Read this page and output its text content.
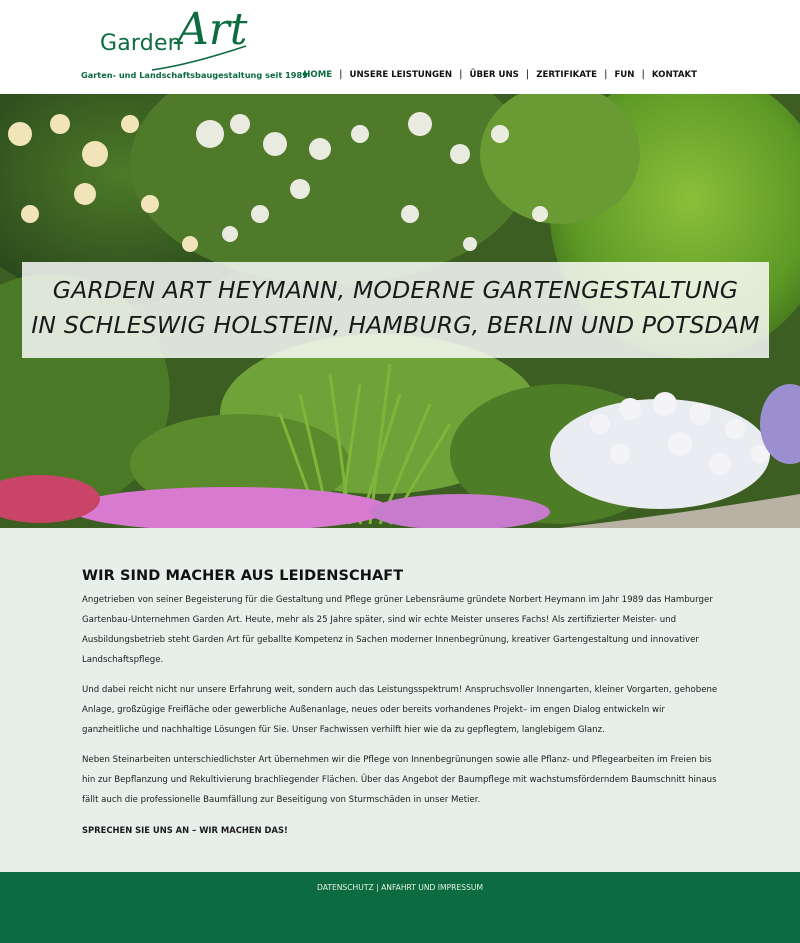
Garden
Art
Garten- und Landschaftsbaugestaltung seit 1989
HOME | UNSERE LEISTUNGEN | ÜBER UNS | ZERTIFIKATE | FUN | KONTAKT
GARDEN ART HEYMANN, MODERNE GARTENGESTALTUNG
IN SCHLESWIG HOLSTEIN, HAMBURG, BERLIN UND POTSDAM
WIR SIND MACHER AUS LEIDENSCHAFT

Angetrieben von seiner Begeisterung für die Gestaltung und Pflege grüner Lebensräume gründete Norbert Heymann im Jahr 1989 das Hamburger Gartenbau-Unternehmen Garden Art. Heute, mehr als 25 Jahre später, sind wir echte Meister unseres Fachs! Als zertifizierter Meister- und Ausbildungsbetrieb steht Garden Art für geballte Kompetenz in Sachen moderner Innenbegrünung, kreativer Gartengestaltung und innovativer Landschaftspflege.

Und dabei reicht nicht nur unsere Erfahrung weit, sondern auch das Leistungsspektrum! Anspruchsvoller Innengarten, kleiner Vorgarten, gehobene Anlage, großzügige Freifläche oder gewerbliche Außenanlage, neues oder bereits vorhandenes Projekt– im engen Dialog entwickeln wir ganzheitliche und nachhaltige Lösungen für Sie. Unser Fachwissen verhilft hier wie da zu gepflegtem, langlebigem Glanz.

Neben Steinarbeiten unterschiedlichster Art übernehmen wir die Pflege von Innenbegrünungen sowie alle Pflanz- und Pflegearbeiten im Freien bis hin zur Bepflanzung und Rekultivierung brachliegender Flächen. Über das Angebot der Baumpflege mit wachstumsförderndem Baumschnitt hinaus fällt auch die professionelle Baumfällung zur Beseitigung von Sturmschäden in unser Metier.

SPRECHEN SIE UNS AN – WIR MACHEN DAS!

DATENSCHUTZ | ANFAHRT UND IMPRESSUM
